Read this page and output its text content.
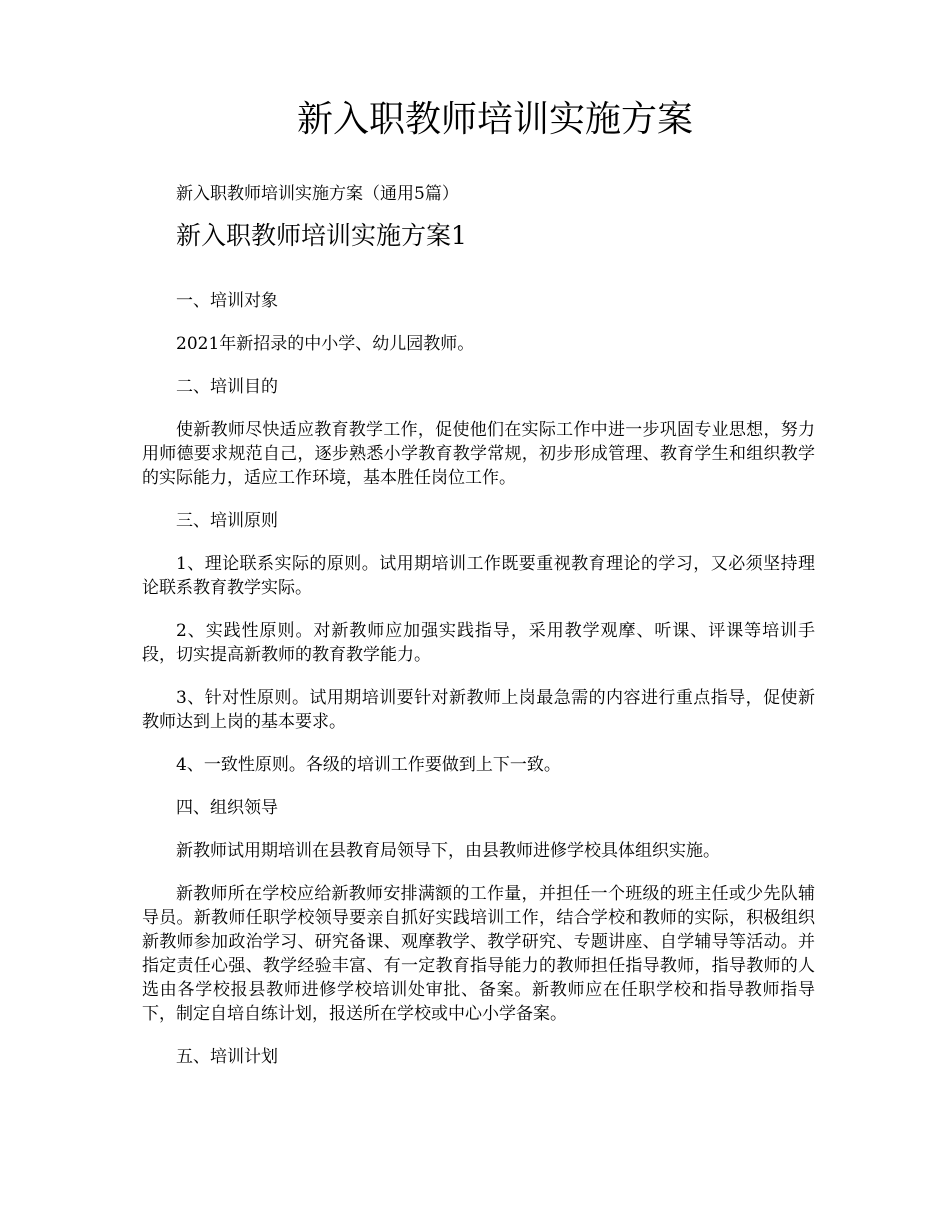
新入职教师培训实施方案

新入职教师培训实施方案（通用5篇）

新入职教师培训实施方案1

一、培训对象

2021年新招录的中小学、幼儿园教师。

二、培训目的

使新教师尽快适应教育教学工作，促使他们在实际工作中进一步巩固专业思想，努力用师德要求规范自己，逐步熟悉小学教育教学常规，初步形成管理、教育学生和组织教学的实际能力，适应工作环境，基本胜任岗位工作。

三、培训原则

1、理论联系实际的原则。试用期培训工作既要重视教育理论的学习，又必须坚持理论联系教育教学实际。

2、实践性原则。对新教师应加强实践指导，采用教学观摩、听课、评课等培训手段，切实提高新教师的教育教学能力。

3、针对性原则。试用期培训要针对新教师上岗最急需的内容进行重点指导，促使新教师达到上岗的基本要求。

4、一致性原则。各级的培训工作要做到上下一致。

四、组织领导

新教师试用期培训在县教育局领导下，由县教师进修学校具体组织实施。

新教师所在学校应给新教师安排满额的工作量，并担任一个班级的班主任或少先队辅导员。新教师任职学校领导要亲自抓好实践培训工作，结合学校和教师的实际，积极组织新教师参加政治学习、研究备课、观摩教学、教学研究、专题讲座、自学辅导等活动。并指定责任心强、教学经验丰富、有一定教育指导能力的教师担任指导教师，指导教师的人选由各学校报县教师进修学校培训处审批、备案。新教师应在任职学校和指导教师指导下，制定自培自练计划，报送所在学校或中心小学备案。

五、培训计划
